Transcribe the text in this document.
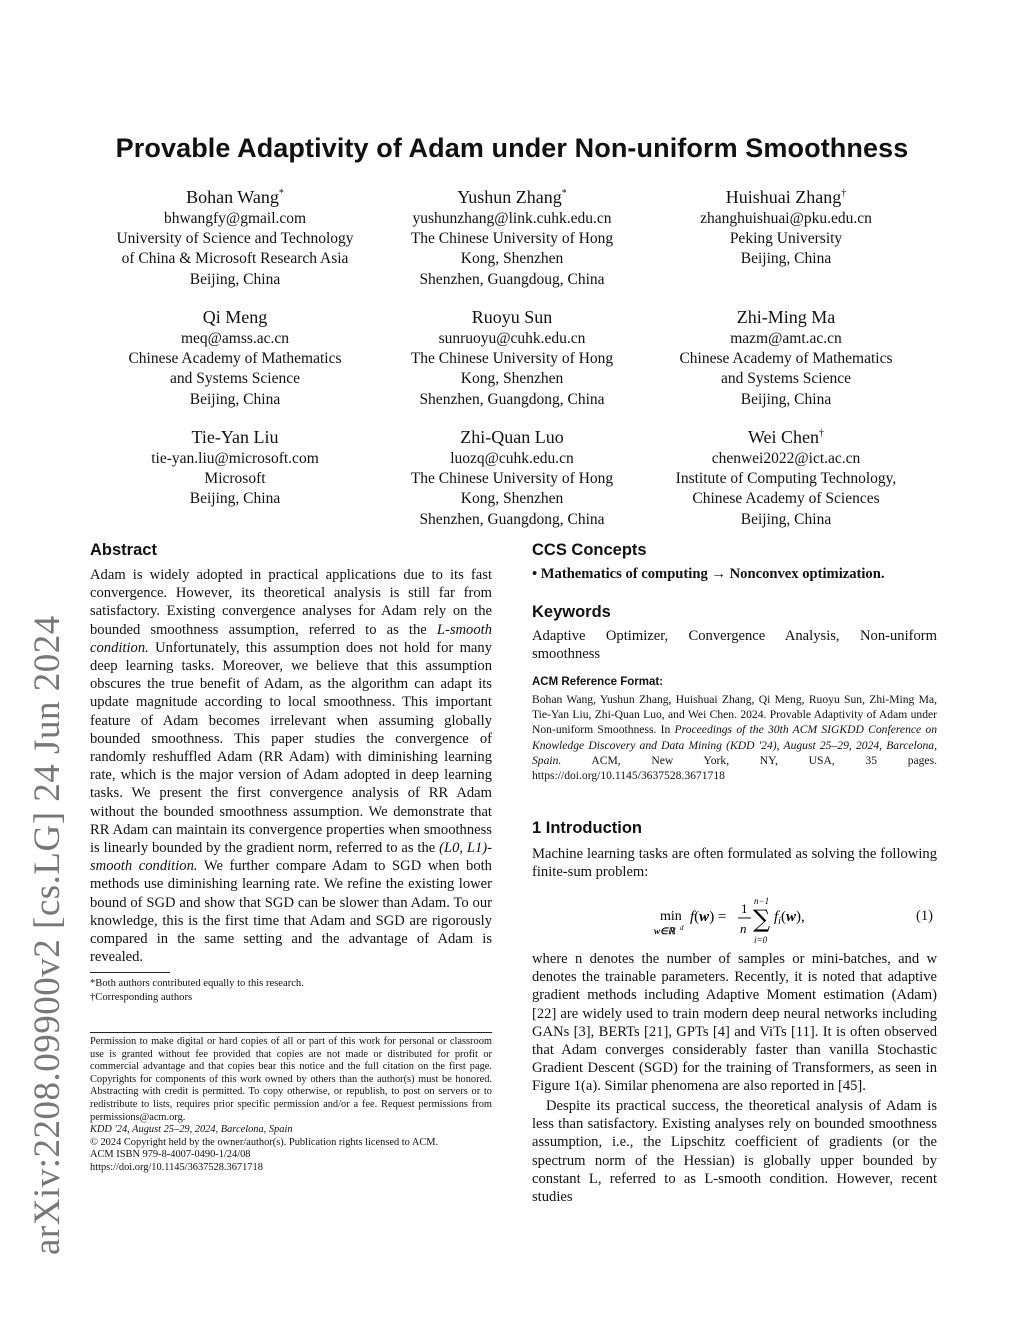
arXiv:2208.09900v2 [cs.LG] 24 Jun 2024
Provable Adaptivity of Adam under Non-uniform Smoothness
Bohan Wang*
bhwangfy@gmail.com
University of Science and Technology
of China & Microsoft Research Asia
Beijing, China
Yushun Zhang*
yushunzhang@link.cuhk.edu.cn
The Chinese University of Hong
Kong, Shenzhen
Shenzhen, Guangdoug, China
Huishuai Zhang†
zhanghuishuai@pku.edu.cn
Peking University
Beijing, China
Qi Meng
meq@amss.ac.cn
Chinese Academy of Mathematics
and Systems Science
Beijing, China
Ruoyu Sun
sunruoyu@cuhk.edu.cn
The Chinese University of Hong
Kong, Shenzhen
Shenzhen, Guangdong, China
Zhi-Ming Ma
mazm@amt.ac.cn
Chinese Academy of Mathematics
and Systems Science
Beijing, China
Tie-Yan Liu
tie-yan.liu@microsoft.com
Microsoft
Beijing, China
Zhi-Quan Luo
luozq@cuhk.edu.cn
The Chinese University of Hong
Kong, Shenzhen
Shenzhen, Guangdong, China
Wei Chen†
chenwei2022@ict.ac.cn
Institute of Computing Technology,
Chinese Academy of Sciences
Beijing, China
Abstract
Adam is widely adopted in practical applications due to its fast convergence. However, its theoretical analysis is still far from satisfactory. Existing convergence analyses for Adam rely on the bounded smoothness assumption, referred to as the L-smooth condition. Unfortunately, this assumption does not hold for many deep learning tasks. Moreover, we believe that this assumption obscures the true benefit of Adam, as the algorithm can adapt its update magnitude according to local smoothness. This important feature of Adam becomes irrelevant when assuming globally bounded smoothness. This paper studies the convergence of randomly reshuffled Adam (RR Adam) with diminishing learning rate, which is the major version of Adam adopted in deep learning tasks. We present the first convergence analysis of RR Adam without the bounded smoothness assumption. We demonstrate that RR Adam can maintain its convergence properties when smoothness is linearly bounded by the gradient norm, referred to as the (L0, L1)-smooth condition. We further compare Adam to SGD when both methods use diminishing learning rate. We refine the existing lower bound of SGD and show that SGD can be slower than Adam. To our knowledge, this is the first time that Adam and SGD are rigorously compared in the same setting and the advantage of Adam is revealed.
*Both authors contributed equally to this research.
†Corresponding authors
Permission to make digital or hard copies of all or part of this work for personal or classroom use is granted without fee provided that copies are not made or distributed for profit or commercial advantage and that copies bear this notice and the full citation on the first page. Copyrights for components of this work owned by others than the author(s) must be honored. Abstracting with credit is permitted. To copy otherwise, or republish, to post on servers or to redistribute to lists, requires prior specific permission and/or a fee. Request permissions from permissions@acm.org.
KDD '24, August 25–29, 2024, Barcelona, Spain
© 2024 Copyright held by the owner/author(s). Publication rights licensed to ACM.
ACM ISBN 979-8-4007-0490-1/24/08
https://doi.org/10.1145/3637528.3671718
CCS Concepts
• Mathematics of computing → Nonconvex optimization.
Keywords
Adaptive Optimizer, Convergence Analysis, Non-uniform smoothness
ACM Reference Format:
Bohan Wang, Yushun Zhang, Huishuai Zhang, Qi Meng, Ruoyu Sun, Zhi-Ming Ma, Tie-Yan Liu, Zhi-Quan Luo, and Wei Chen. 2024. Provable Adaptivity of Adam under Non-uniform Smoothness. In Proceedings of the 30th ACM SIGKDD Conference on Knowledge Discovery and Data Mining (KDD '24), August 25–29, 2024, Barcelona, Spain. ACM, New York, NY, USA, 35 pages. https://doi.org/10.1145/3637528.3671718
1 Introduction
Machine learning tasks are often formulated as solving the following finite-sum problem:
min
w∈ℝ d
f(w) =
1
n
n−1
∑
i=0
$f_i(w)$,	(1)
where n denotes the number of samples or mini-batches, and w denotes the trainable parameters. Recently, it is noted that adaptive gradient methods including Adaptive Moment estimation (Adam) [22] are widely used to train modern deep neural networks including GANs [3], BERTs [21], GPTs [4] and ViTs [11]. It is often observed that Adam converges considerably faster than vanilla Stochastic Gradient Descent (SGD) for the training of Transformers, as seen in Figure 1(a). Similar phenomena are also reported in [45].
Despite its practical success, the theoretical analysis of Adam is less than satisfactory. Existing analyses rely on bounded smoothness assumption, i.e., the Lipschitz coefficient of gradients (or the spectrum norm of the Hessian) is globally upper bounded by constant L, referred to as L-smooth condition. However, recent studies
